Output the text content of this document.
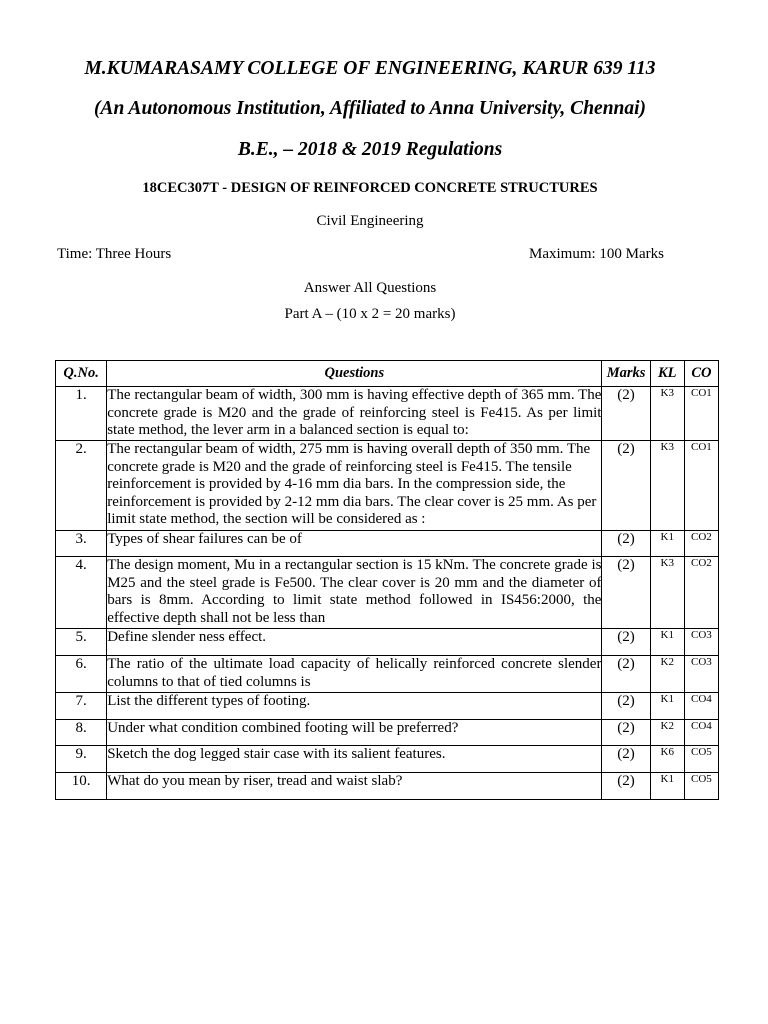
M.KUMARASAMY COLLEGE OF ENGINEERING, KARUR 639 113
(An Autonomous Institution, Affiliated to Anna University, Chennai)
B.E., – 2018 & 2019 Regulations
18CEC307T - DESIGN OF REINFORCED CONCRETE STRUCTURES
Civil Engineering
Time: Three Hours	Maximum: 100 Marks
Answer All Questions
Part A – (10 x 2 = 20 marks)
Q.No.	Questions	Marks	KL	CO
1.	The rectangular beam of width, 300 mm is having effective depth of 365 mm. The concrete grade is M20 and the grade of reinforcing steel is Fe415. As per limit state method, the lever arm in a balanced section is equal to:	(2)	K3	CO1
2.	The rectangular beam of width, 275 mm is having overall depth of 350 mm. The concrete grade is M20 and the grade of reinforcing steel is Fe415. The tensile reinforcement is provided by 4-16 mm dia bars. In the compression side, the reinforcement is provided by 2-12 mm dia bars. The clear cover is 25 mm. As per limit state method, the section will be considered as :	(2)	K3	CO1
3.	Types of shear failures can be of	(2)	K1	CO2
4.	The design moment, Mu in a rectangular section is 15 kNm. The concrete grade is M25 and the steel grade is Fe500. The clear cover is 20 mm and the diameter of bars is 8mm. According to limit state method followed in IS456:2000, the effective depth shall not be less than	(2)	K3	CO2
5.	Define slender ness effect.	(2)	K1	CO3
6.	The ratio of the ultimate load capacity of helically reinforced concrete slender columns to that of tied columns is	(2)	K2	CO3
7.	List the different types of footing.	(2)	K1	CO4
8.	Under what condition combined footing will be preferred?	(2)	K2	CO4
9.	Sketch the dog legged stair case with its salient features.	(2)	K6	CO5
10.	What do you mean by riser, tread and waist slab?	(2)	K1	CO5
